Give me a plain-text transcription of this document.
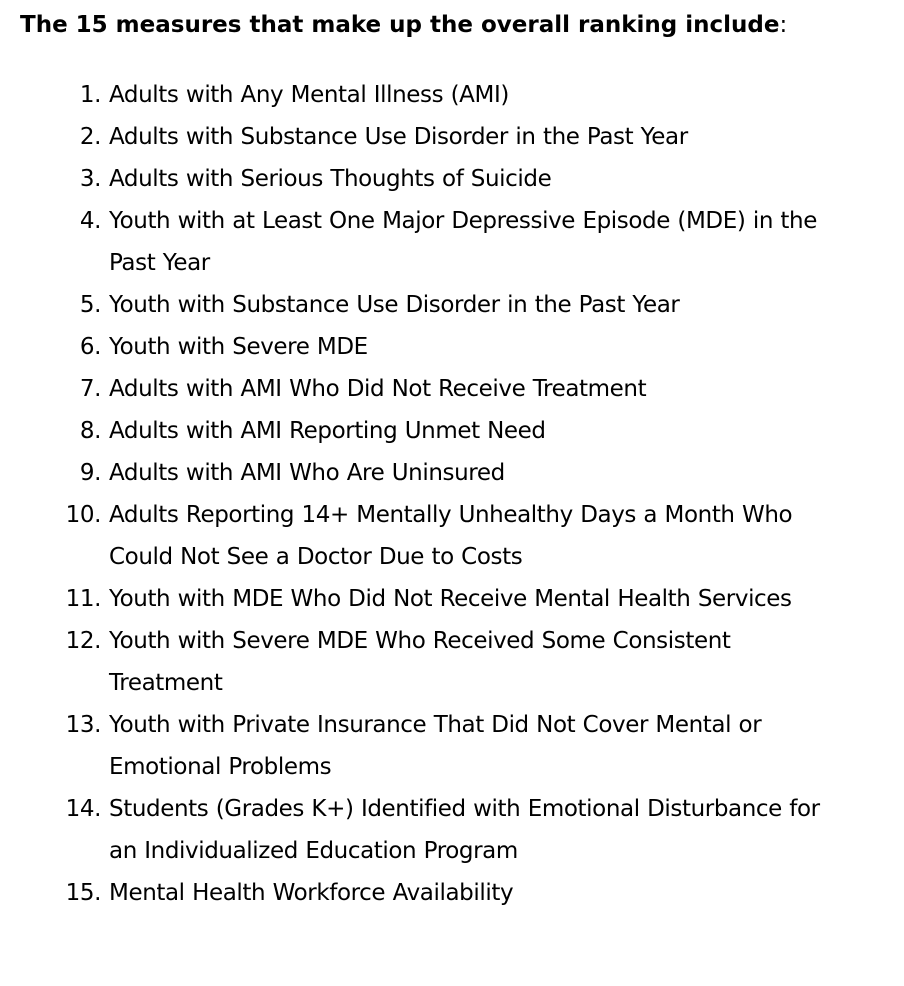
The 15 measures that make up the overall ranking include:

1. Adults with Any Mental Illness (AMI)
2. Adults with Substance Use Disorder in the Past Year
3. Adults with Serious Thoughts of Suicide
4. Youth with at Least One Major Depressive Episode (MDE) in the Past Year
5. Youth with Substance Use Disorder in the Past Year
6. Youth with Severe MDE
7. Adults with AMI Who Did Not Receive Treatment
8. Adults with AMI Reporting Unmet Need
9. Adults with AMI Who Are Uninsured
10. Adults Reporting 14+ Mentally Unhealthy Days a Month Who Could Not See a Doctor Due to Costs
11. Youth with MDE Who Did Not Receive Mental Health Services
12. Youth with Severe MDE Who Received Some Consistent Treatment
13. Youth with Private Insurance That Did Not Cover Mental or Emotional Problems
14. Students (Grades K+) Identified with Emotional Disturbance for an Individualized Education Program
15. Mental Health Workforce Availability
